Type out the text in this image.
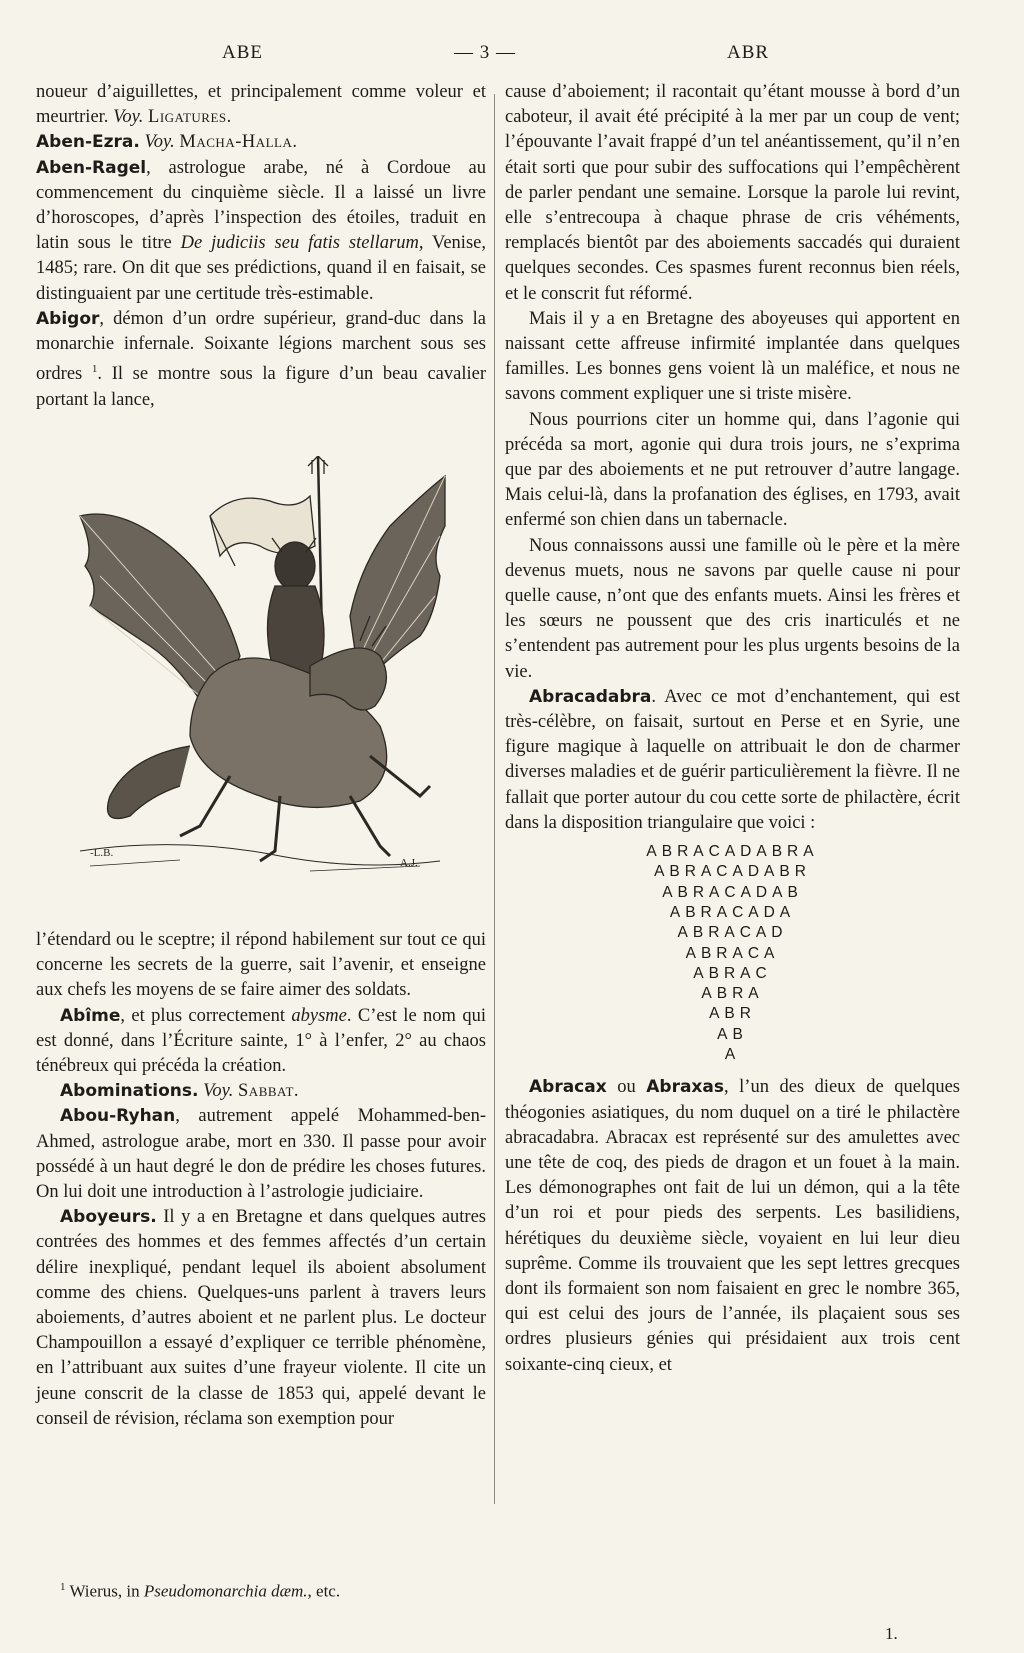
ABE	— 3 —	ABR

noueur d’aiguillettes, et principalement comme voleur et meurtrier. Voy. Ligatures.

Aben-Ezra. Voy. Macha-Halla.

Aben-Ragel, astrologue arabe, né à Cordoue au commencement du cinquième siècle. Il a laissé un livre d’horoscopes, d’après l’inspection des étoiles, traduit en latin sous le titre De judiciis seu fatis stellarum, Venise, 1485; rare. On dit que ses prédictions, quand il en faisait, se distinguaient par une certitude très-estimable.

Abigor, démon d’un ordre supérieur, grand-duc dans la monarchie infernale. Soixante légions marchent sous ses ordres $^1$. Il se montre sous la figure d’un beau cavalier portant la lance,

-L.B.
A.J.

l’étendard ou le sceptre; il répond habilement sur tout ce qui concerne les secrets de la guerre, sait l’avenir, et enseigne aux chefs les moyens de se faire aimer des soldats.

Abîme, et plus correctement abysme. C’est le nom qui est donné, dans l’Écriture sainte, 1° à l’enfer, 2° au chaos ténébreux qui précéda la création.

Abominations. Voy. Sabbat.

Abou-Ryhan, autrement appelé Mohammed-ben-Ahmed, astrologue arabe, mort en 330. Il passe pour avoir possédé à un haut degré le don de prédire les choses futures. On lui doit une introduction à l’astrologie judiciaire.

Aboyeurs. Il y a en Bretagne et dans quelques autres contrées des hommes et des femmes affectés d’un certain délire inexpliqué, pendant lequel ils aboient absolument comme des chiens. Quelques-uns parlent à travers leurs aboiements, d’autres aboient et ne parlent plus. Le docteur Champouillon a essayé d’expliquer ce terrible phénomène, en l’attribuant aux suites d’une frayeur violente. Il cite un jeune conscrit de la classe de 1853 qui, appelé devant le conseil de révision, réclama son exemption pour

cause d’aboiement; il racontait qu’étant mousse à bord d’un caboteur, il avait été précipité à la mer par un coup de vent; l’épouvante l’avait frappé d’un tel anéantissement, qu’il n’en était sorti que pour subir des suffocations qui l’empêchèrent de parler pendant une semaine. Lorsque la parole lui revint, elle s’entrecoupa à chaque phrase de cris véhéments, remplacés bientôt par des aboiements saccadés qui duraient quelques secondes. Ces spasmes furent reconnus bien réels, et le conscrit fut réformé.

Mais il y a en Bretagne des aboyeuses qui apportent en naissant cette affreuse infirmité implantée dans quelques familles. Les bonnes gens voient là un maléfice, et nous ne savons comment expliquer une si triste misère.

Nous pourrions citer un homme qui, dans l’agonie qui précéda sa mort, agonie qui dura trois jours, ne s’exprima que par des aboiements et ne put retrouver d’autre langage. Mais celui-là, dans la profanation des églises, en 1793, avait enfermé son chien dans un tabernacle.

Nous connaissons aussi une famille où le père et la mère devenus muets, nous ne savons par quelle cause ni pour quelle cause, n’ont que des enfants muets. Ainsi les frères et les sœurs ne poussent que des cris inarticulés et ne s’entendent pas autrement pour les plus urgents besoins de la vie.

Abracadabra. Avec ce mot d’enchantement, qui est très-célèbre, on faisait, surtout en Perse et en Syrie, une figure magique à laquelle on attribuait le don de charmer diverses maladies et de guérir particulièrement la fièvre. Il ne fallait que porter autour du cou cette sorte de philactère, écrit dans la disposition triangulaire que voici :

ABRACADABRA
ABRACADABR
ABRACADAB
ABRACADA
ABRACAD
ABRACA
ABRAC
ABRA
ABR
AB
A

Abracax ou Abraxas, l’un des dieux de quelques théogonies asiatiques, du nom duquel on a tiré le philactère abracadabra. Abracax est représenté sur des amulettes avec une tête de coq, des pieds de dragon et un fouet à la main. Les démonographes ont fait de lui un démon, qui a la tête d’un roi et pour pieds des serpents. Les basilidiens, hérétiques du deuxième siècle, voyaient en lui leur dieu suprême. Comme ils trouvaient que les sept lettres grecques dont ils formaient son nom faisaient en grec le nombre 365, qui est celui des jours de l’année, ils plaçaient sous ses ordres plusieurs génies qui présidaient aux trois cent soixante-cinq cieux, et

$^1$ Wierus, in Pseudomonarchia dæm., etc.
1.
